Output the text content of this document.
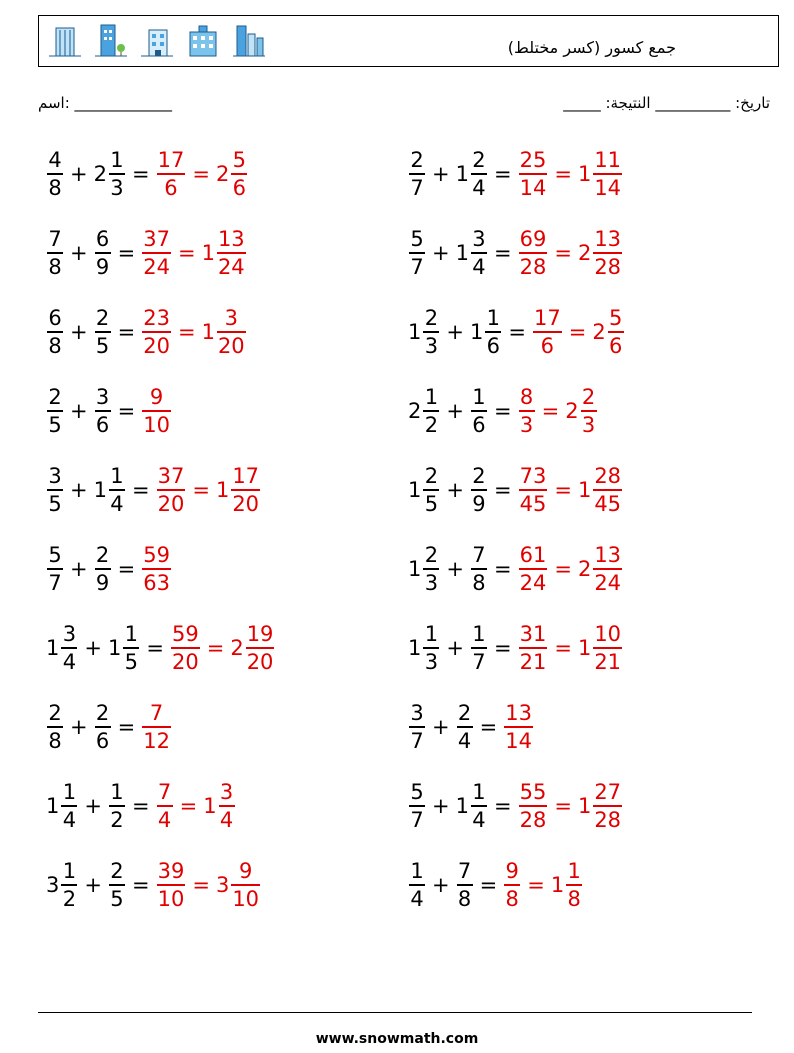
جمع كسور (كسر مختلط)
اسم: _____________	_____ :تاريخ: __________ النتيجة
$\frac{4}{8} + 2 \frac{1}{3} = \frac{17}{6} = 2 \frac{5}{6}$	$\frac{2}{7} + 1 \frac{2}{4} = \frac{25}{14} = 1 \frac{11}{14}$
$\frac{7}{8} + \frac{6}{9} = \frac{37}{24} = 1 \frac{13}{24}$	$\frac{5}{7} + 1 \frac{3}{4} = \frac{69}{28} = 2 \frac{13}{28}$
$\frac{6}{8} + \frac{2}{5} = \frac{23}{20} = 1 \frac{3}{20}$	$1 \frac{2}{3} + 1 \frac{1}{6} = \frac{17}{6} = 2 \frac{5}{6}$
$\frac{2}{5} + \frac{3}{6} = \frac{9}{10}$	$2 \frac{1}{2} + \frac{1}{6} = \frac{8}{3} = 2 \frac{2}{3}$
$\frac{3}{5} + 1 \frac{1}{4} = \frac{37}{20} = 1 \frac{17}{20}$	$1 \frac{2}{5} + \frac{2}{9} = \frac{73}{45} = 1 \frac{28}{45}$
$\frac{5}{7} + \frac{2}{9} = \frac{59}{63}$	$1 \frac{2}{3} + \frac{7}{8} = \frac{61}{24} = 2 \frac{13}{24}$
$1 \frac{3}{4} + 1 \frac{1}{5} = \frac{59}{20} = 2 \frac{19}{20}$	$1 \frac{1}{3} + \frac{1}{7} = \frac{31}{21} = 1 \frac{10}{21}$
$\frac{2}{8} + \frac{2}{6} = \frac{7}{12}$	$\frac{3}{7} + \frac{2}{4} = \frac{13}{14}$
$1 \frac{1}{4} + \frac{1}{2} = \frac{7}{4} = 1 \frac{3}{4}$	$\frac{5}{7} + 1 \frac{1}{4} = \frac{55}{28} = 1 \frac{27}{28}$
$3 \frac{1}{2} + \frac{2}{5} = \frac{39}{10} = 3 \frac{9}{10}$	$\frac{1}{4} + \frac{7}{8} = \frac{9}{8} = 1 \frac{1}{8}$
www.snowmath.com
